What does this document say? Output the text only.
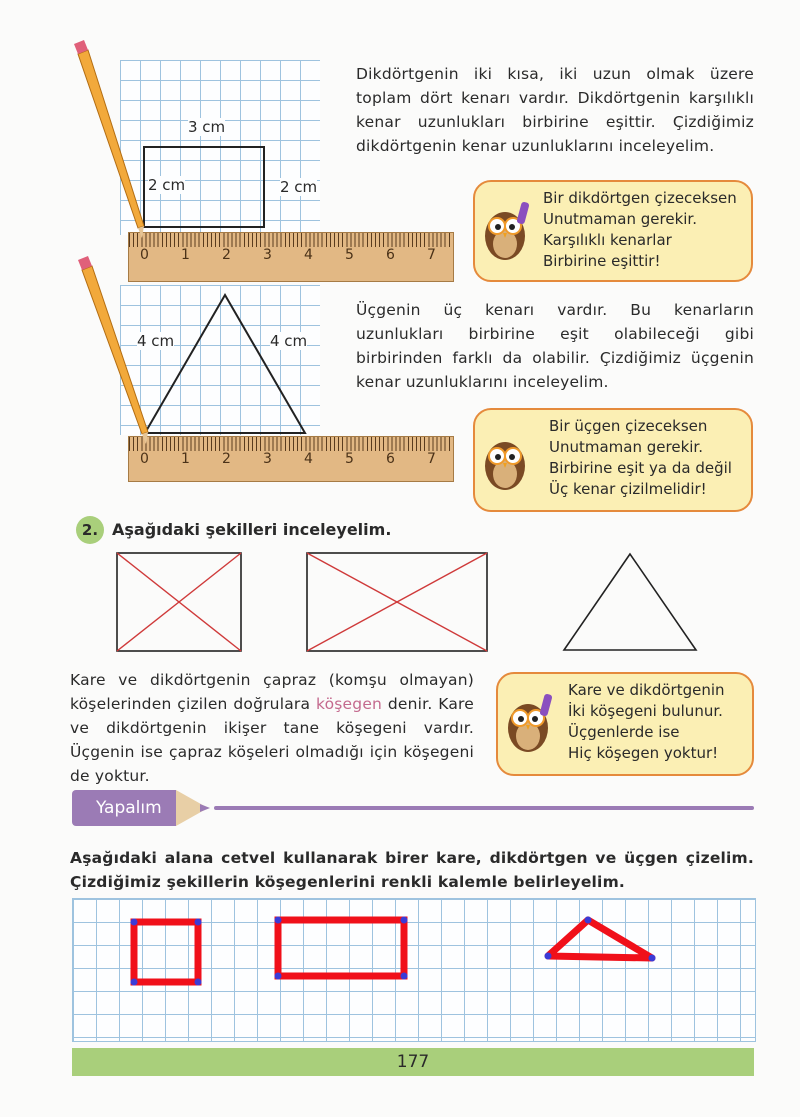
3 cm
2 cm	2 cm
0 1 2 3 4 5 6 7
4 cm	4 cm
0 1 2 3 4 5 6 7
Dikdörtgenin iki kısa, iki uzun olmak üzere toplam dört kenarı vardır. Dikdörtgenin karşılıklı kenar uzunlukları birbirine eşittir. Çizdiğimiz dikdörtgenin kenar uzunluklarını inceleyelim.
Üçgenin üç kenarı vardır. Bu kenarların uzunlukları birbirine eşit olabileceği gibi birbirinden farklı da olabilir. Çizdiğimiz üçgenin kenar uzunluklarını inceleyelim.
Bir dikdörtgen çizeceksen
Unutmaman gerekir.
Karşılıklı kenarlar
Birbirine eşittir!
Bir üçgen çizeceksen
Unutmaman gerekir.
Birbirine eşit ya da değil
Üç kenar çizilmelidir!
2. Aşağıdaki şekilleri inceleyelim.
Kare ve dikdörtgenin çapraz (komşu olmayan) köşelerinden çizilen doğrulara köşegen denir. Kare ve dikdörtgenin ikişer tane köşegeni vardır. Üçgenin ise çapraz köşeleri olmadığı için köşegeni de yoktur.
Kare ve dikdörtgenin
İki köşegeni bulunur.
Üçgenlerde ise
Hiç köşegen yoktur!
Yapalım
Aşağıdaki alana cetvel kullanarak birer kare, dikdörtgen ve üçgen çizelim. Çizdiğimiz şekillerin köşegenlerini renkli kalemle belirleyelim.
177
